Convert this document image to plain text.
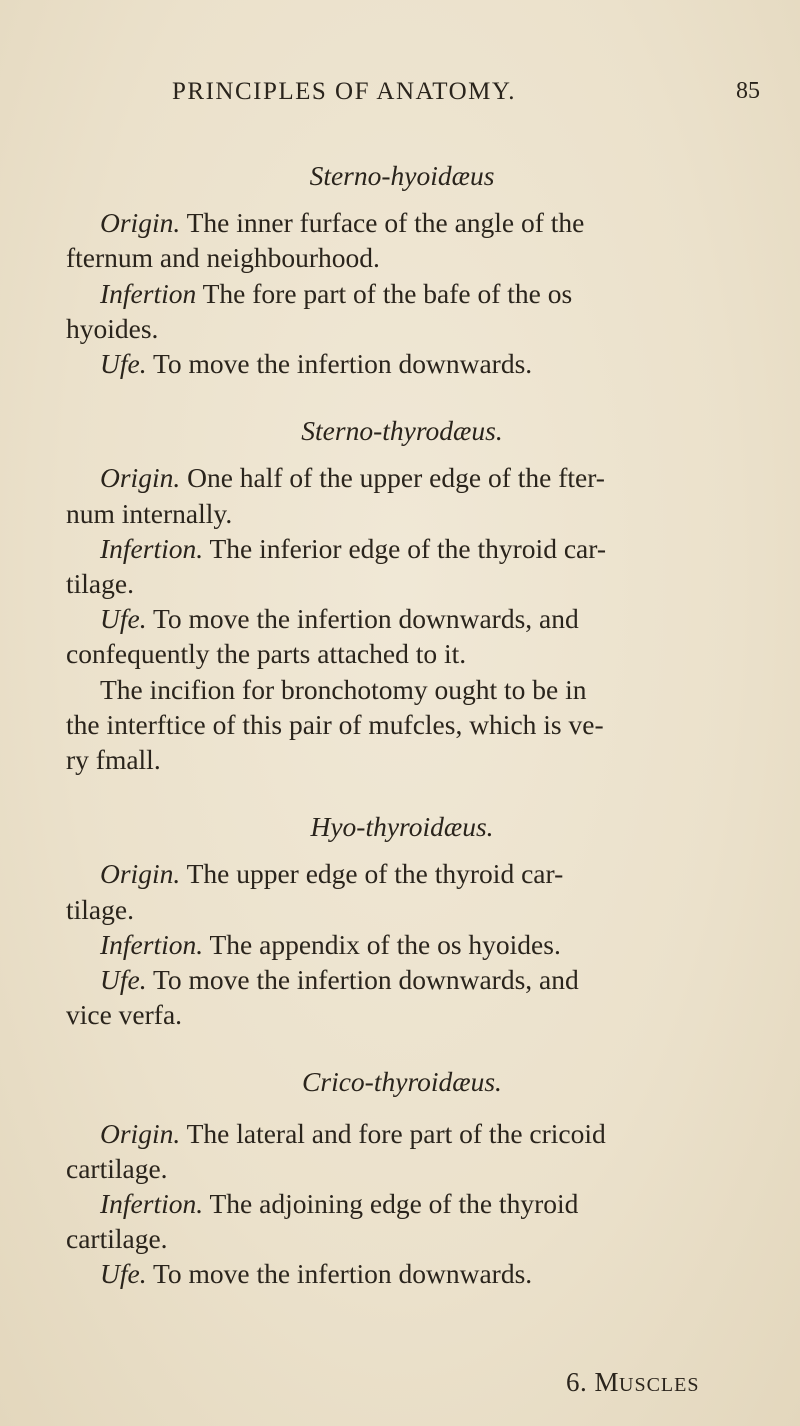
PRINCIPLES OF ANATOMY.	85

Sterno-hyoidæus

Origin. The inner furface of the angle of the

fternum and neighbourhood.

Infertion The fore part of the bafe of the os

hyoides.

Ufe. To move the infertion downwards.

Sterno-thyrodæus.

Origin. One half of the upper edge of the fter-

num internally.

Infertion. The inferior edge of the thyroid car-

tilage.

Ufe. To move the infertion downwards, and

confequently the parts attached to it.

The incifion for bronchotomy ought to be in

the interftice of this pair of mufcles, which is ve-

ry fmall.

Hyo-thyroidæus.

Origin. The upper edge of the thyroid car-

tilage.

Infertion. The appendix of the os hyoides.

Ufe. To move the infertion downwards, and

vice verfa.

Crico-thyroidæus.

Origin. The lateral and fore part of the cricoid

cartilage.

Infertion. The adjoining edge of the thyroid

cartilage.

Ufe. To move the infertion downwards.

6. MUSCLES
